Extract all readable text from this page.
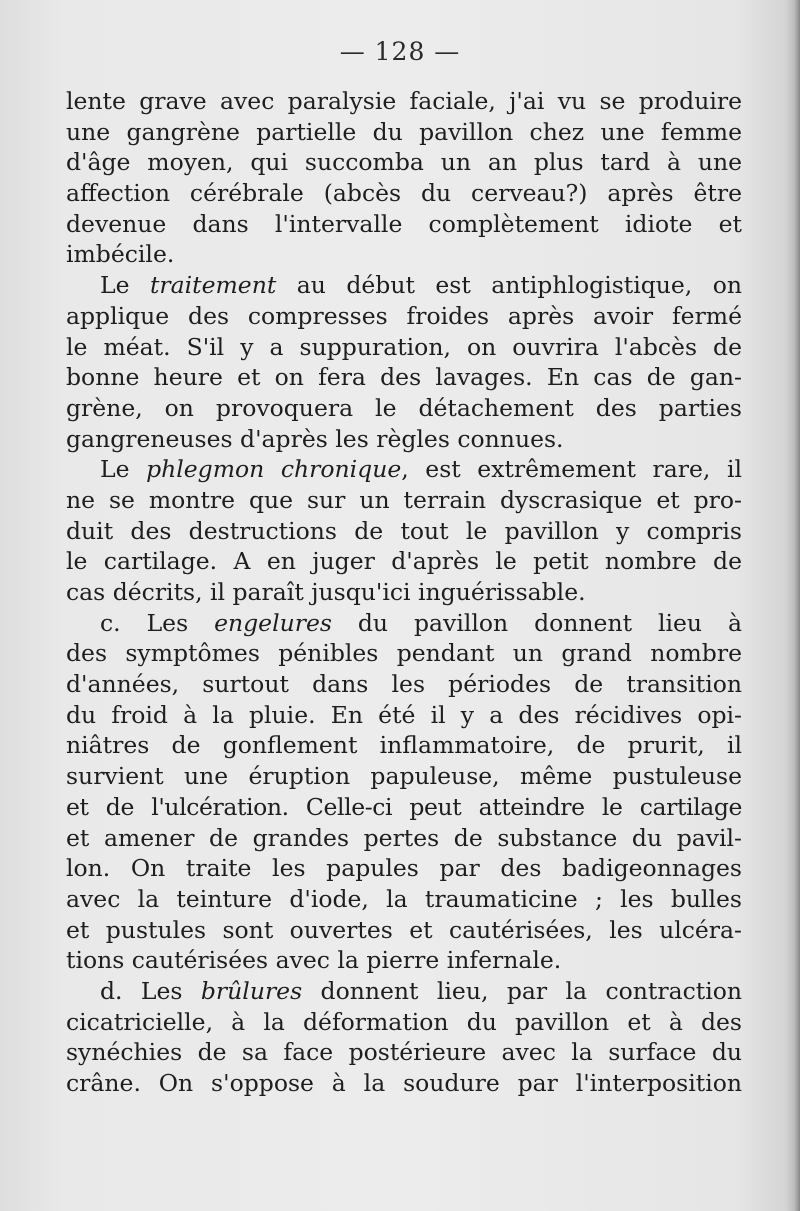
— 128 —
lente grave avec paralysie faciale, j'ai vu se produire
une gangrène partielle du pavillon chez une femme
d'âge moyen, qui succomba un an plus tard à une
affection cérébrale (abcès du cerveau?) après être
devenue dans l'intervalle complètement idiote et
imbécile.
Le traitement au début est antiphlogistique, on
applique des compresses froides après avoir fermé
le méat. S'il y a suppuration, on ouvrira l'abcès de
bonne heure et on fera des lavages. En cas de gan-
grène, on provoquera le détachement des parties
gangreneuses d'après les règles connues.
Le phlegmon chronique, est extrêmement rare, il
ne se montre que sur un terrain dyscrasique et pro-
duit des destructions de tout le pavillon y compris
le cartilage. A en juger d'après le petit nombre de
cas décrits, il paraît jusqu'ici inguérissable.
c. Les engelures du pavillon donnent lieu à
des symptômes pénibles pendant un grand nombre
d'années, surtout dans les périodes de transition
du froid à la pluie. En été il y a des récidives opi-
niâtres de gonflement inflammatoire, de prurit, il
survient une éruption papuleuse, même pustuleuse
et de l'ulcération. Celle-ci peut atteindre le cartilage
et amener de grandes pertes de substance du pavil-
lon. On traite les papules par des badigeonnages
avec la teinture d'iode, la traumaticine ; les bulles
et pustules sont ouvertes et cautérisées, les ulcéra-
tions cautérisées avec la pierre infernale.
d. Les brûlures donnent lieu, par la contraction
cicatricielle, à la déformation du pavillon et à des
synéchies de sa face postérieure avec la surface du
crâne. On s'oppose à la soudure par l'interposition
